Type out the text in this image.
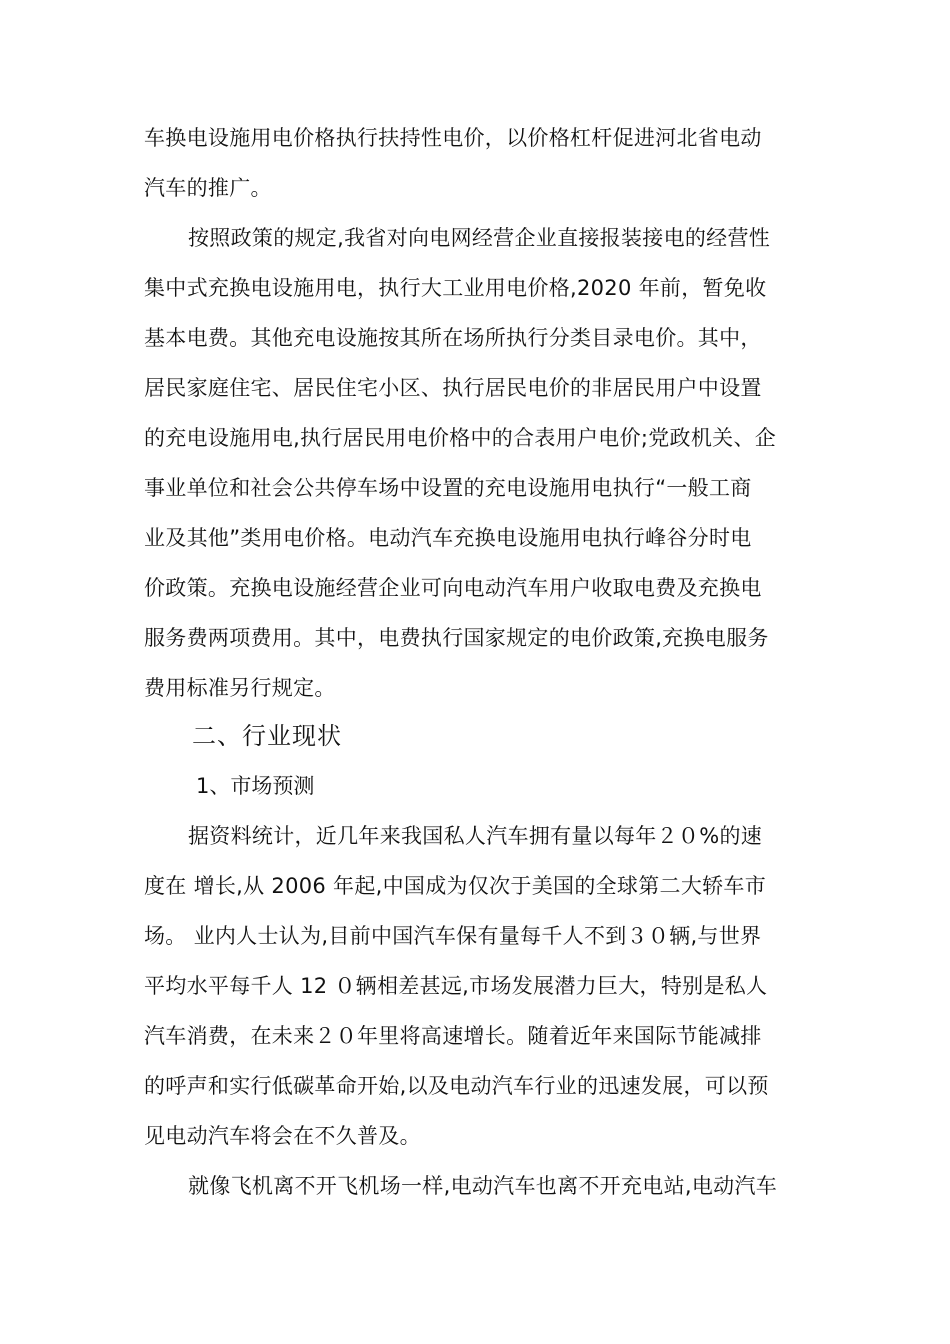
车换电设施用电价格执行扶持性电价，以价格杠杆促进河北省电动
汽车的推广。
按照政策的规定,我省对向电网经营企业直接报装接电的经营性
集中式充换电设施用电，执行大工业用电价格,2020 年前，暂免收
基本电费。其他充电设施按其所在场所执行分类目录电价。其中，
居民家庭住宅、居民住宅小区、执行居民电价的非居民用户中设置
的充电设施用电,执行居民用电价格中的合表用户电价;党政机关、企
事业单位和社会公共停车场中设置的充电设施用电执行“一般工商
业及其他”类用电价格。电动汽车充换电设施用电执行峰谷分时电
价政策。充换电设施经营企业可向电动汽车用户收取电费及充换电
服务费两项费用。其中，电费执行国家规定的电价政策,充换电服务
费用标准另行规定。
二、行业现状
1、市场预测
据资料统计，近几年来我国私人汽车拥有量以每年２０%的速
度在 增长,从 2006 年起,中国成为仅次于美国的全球第二大轿车市
场。 业内人士认为,目前中国汽车保有量每千人不到３０辆,与世界
平均水平每千人 12 ０辆相差甚远,市场发展潜力巨大，特别是私人
汽车消费，在未来２０年里将高速增长。随着近年来国际节能减排
的呼声和实行低碳革命开始,以及电动汽车行业的迅速发展，可以预
见电动汽车将会在不久普及。
就像飞机离不开飞机场一样,电动汽车也离不开充电站,电动汽车
